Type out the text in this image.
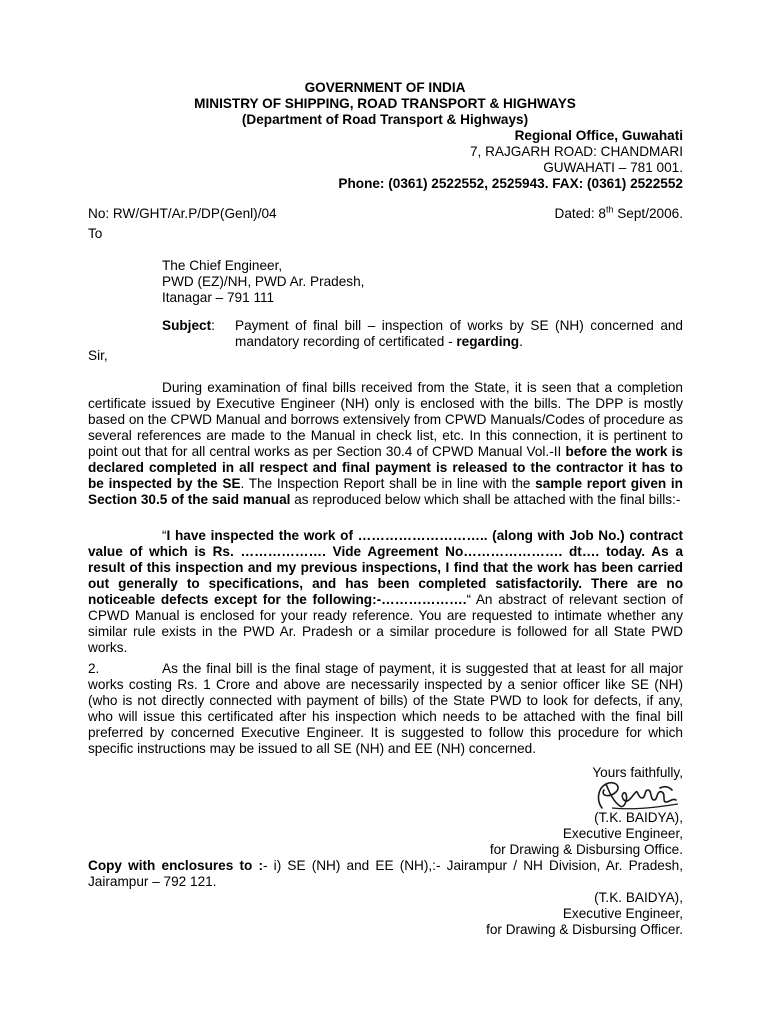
GOVERNMENT OF INDIA
MINISTRY OF SHIPPING, ROAD TRANSPORT & HIGHWAYS
(Department of Road Transport & Highways)
Regional Office, Guwahati
7, RAJGARH ROAD: CHANDMARI
GUWAHATI – 781 001.
Phone: (0361) 2522552, 2525943. FAX: (0361) 2522552
No: RW/GHT/Ar.P/DP(Genl)/04	Dated: 8th Sept/2006.
To
The Chief Engineer,
PWD (EZ)/NH, PWD Ar. Pradesh,
Itanagar – 791 111
Subject: Payment of final bill – inspection of works by SE (NH) concerned and
mandatory recording of certificated - regarding.
Sir,
During examination of final bills received from the State, it is seen that a completion certificate issued by Executive Engineer (NH) only is enclosed with the bills. The DPP is mostly based on the CPWD Manual and borrows extensively from CPWD Manuals/Codes of procedure as several references are made to the Manual in check list, etc. In this connection, it is pertinent to point out that for all central works as per Section 30.4 of CPWD Manual Vol.-II before the work is declared completed in all respect and final payment is released to the contractor it has to be inspected by the SE. The Inspection Report shall be in line with the sample report given in Section 30.5 of the said manual as reproduced below which shall be attached with the final bills:-
“I have inspected the work of ……………………….. (along with Job No.) contract value of which is Rs. ………………. Vide Agreement No…………………. dt…. today. As a result of this inspection and my previous inspections, I find that the work has been carried out generally to specifications, and has been completed satisfactorily. There are no noticeable defects except for the following:-……………….“ An abstract of relevant section of CPWD Manual is enclosed for your ready reference. You are requested to intimate whether any similar rule exists in the PWD Ar. Pradesh or a similar procedure is followed for all State PWD works.
2.	As the final bill is the final stage of payment, it is suggested that at least for all major works costing Rs. 1 Crore and above are necessarily inspected by a senior officer like SE (NH) (who is not directly connected with payment of bills) of the State PWD to look for defects, if any, who will issue this certificated after his inspection which needs to be attached with the final bill preferred by concerned Executive Engineer. It is suggested to follow this procedure for which specific instructions may be issued to all SE (NH) and EE (NH) concerned.
Yours faithfully,
(T.K. BAIDYA),
Executive Engineer,
for Drawing & Disbursing Office.
Copy with enclosures to :- i) SE (NH) and EE (NH),:- Jairampur / NH Division, Ar. Pradesh, Jairampur – 792 121.
(T.K. BAIDYA),
Executive Engineer,
for Drawing & Disbursing Officer.
